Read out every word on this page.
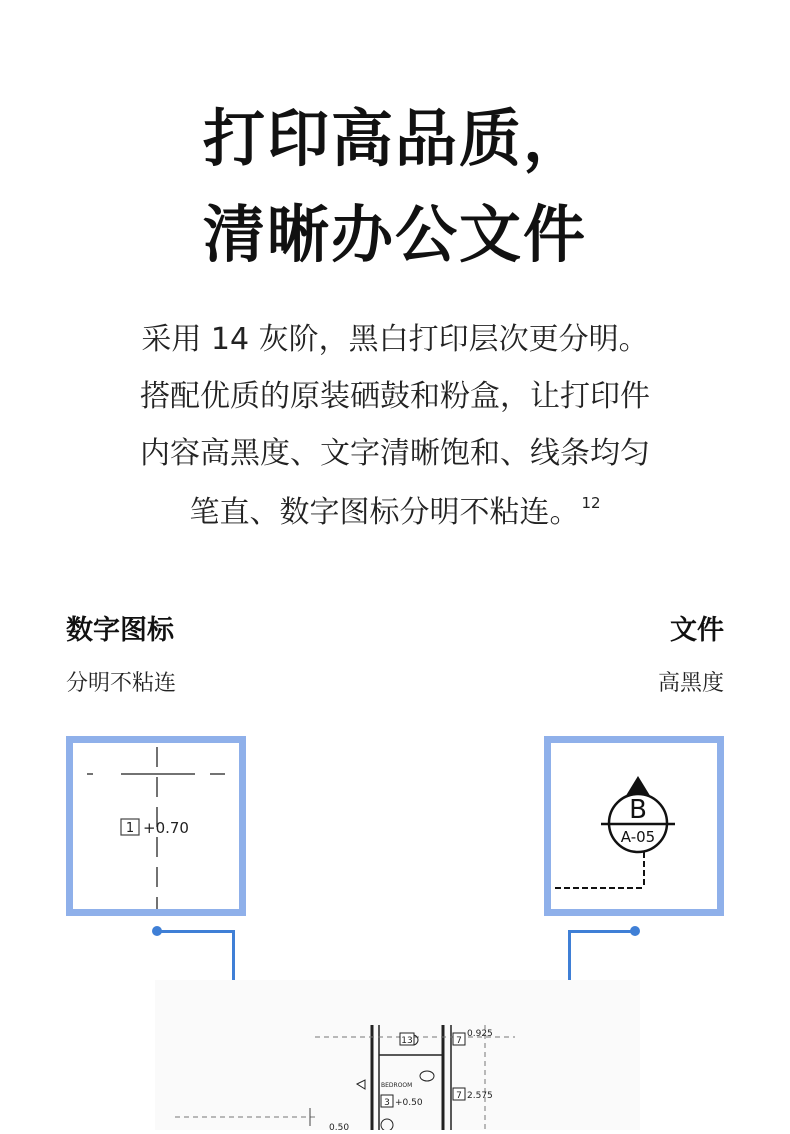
打印高品质，
清晰办公文件
采用 14 灰阶，黑白打印层次更分明。
搭配优质的原装硒鼓和粉盒，让打印件
内容高黑度、文字清晰饱和、线条均匀
笔直、数字图标分明不粘连。 $^{12}$
数字图标
分明不粘连
文件
高黑度
1 +0.70
B
A-05
13	7
0.925
BEDROOM
7 2.575
3 +0.50
0.50
